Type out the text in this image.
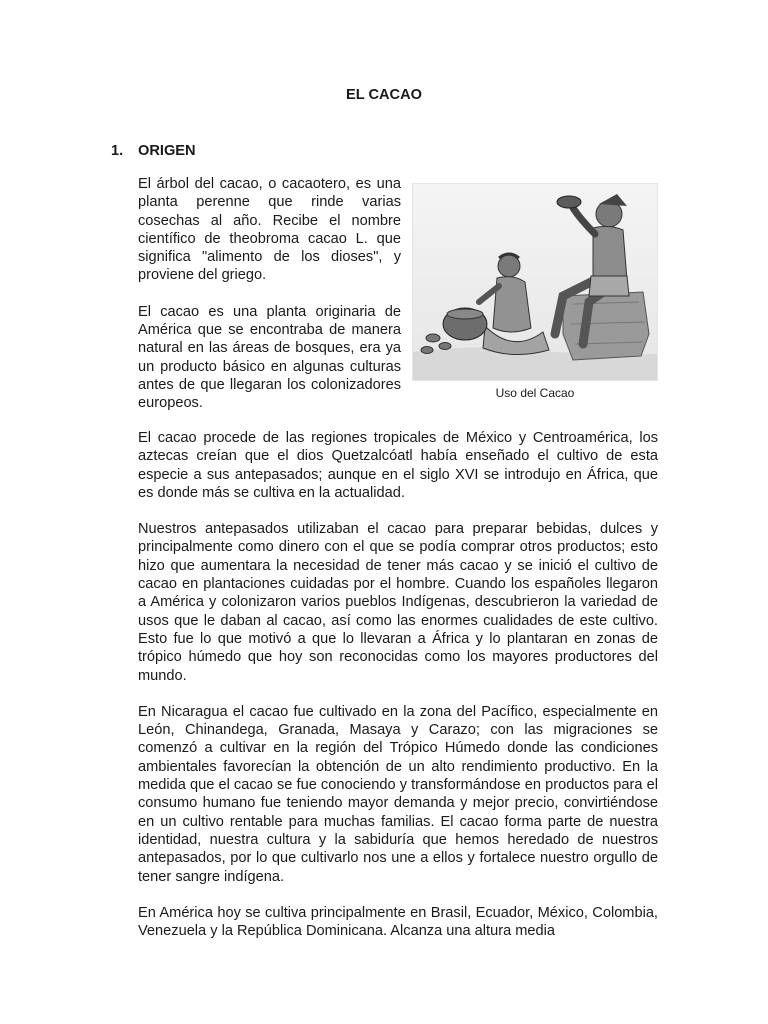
EL CACAO
1. ORIGEN

El árbol del cacao, o cacaotero, es una planta perenne que rinde varias cosechas al año. Recibe el nombre científico de theobroma cacao L. que significa "alimento de los dioses", y proviene del griego.

El cacao es una planta originaria de América que se encontraba de manera natural en las áreas de bosques, era ya un producto básico en algunas culturas antes de que llegaran los colonizadores europeos.

Uso del Cacao

El cacao procede de las regiones tropicales de México y Centroamérica, los aztecas creían que el dios Quetzalcóatl había enseñado el cultivo de esta especie a sus antepasados; aunque en el siglo XVI se introdujo en África, que es donde más se cultiva en la actualidad.

Nuestros antepasados utilizaban el cacao para preparar bebidas, dulces y principalmente como dinero con el que se podía comprar otros productos; esto hizo que aumentara la necesidad de tener más cacao y se inició el cultivo de cacao en plantaciones cuidadas por el hombre. Cuando los españoles llegaron a América y colonizaron varios pueblos Indígenas, descubrieron la variedad de usos que le daban al cacao, así como las enormes cualidades de este cultivo. Esto fue lo que motivó a que lo llevaran a África y lo plantaran en zonas de trópico húmedo que hoy son reconocidas como los mayores productores del mundo.

En Nicaragua el cacao fue cultivado en la zona del Pacífico, especialmente en León, Chinandega, Granada, Masaya y Carazo; con las migraciones se comenzó a cultivar en la región del Trópico Húmedo donde las condiciones ambientales favorecían la obtención de un alto rendimiento productivo. En la medida que el cacao se fue conociendo y transformándose en productos para el consumo humano fue teniendo mayor demanda y mejor precio, convirtiéndose en un cultivo rentable para muchas familias. El cacao forma parte de nuestra identidad, nuestra cultura y la sabiduría que hemos heredado de nuestros antepasados, por lo que cultivarlo nos une a ellos y fortalece nuestro orgullo de tener sangre indígena.

En América hoy se cultiva principalmente en Brasil, Ecuador, México, Colombia, Venezuela y la República Dominicana. Alcanza una altura media
